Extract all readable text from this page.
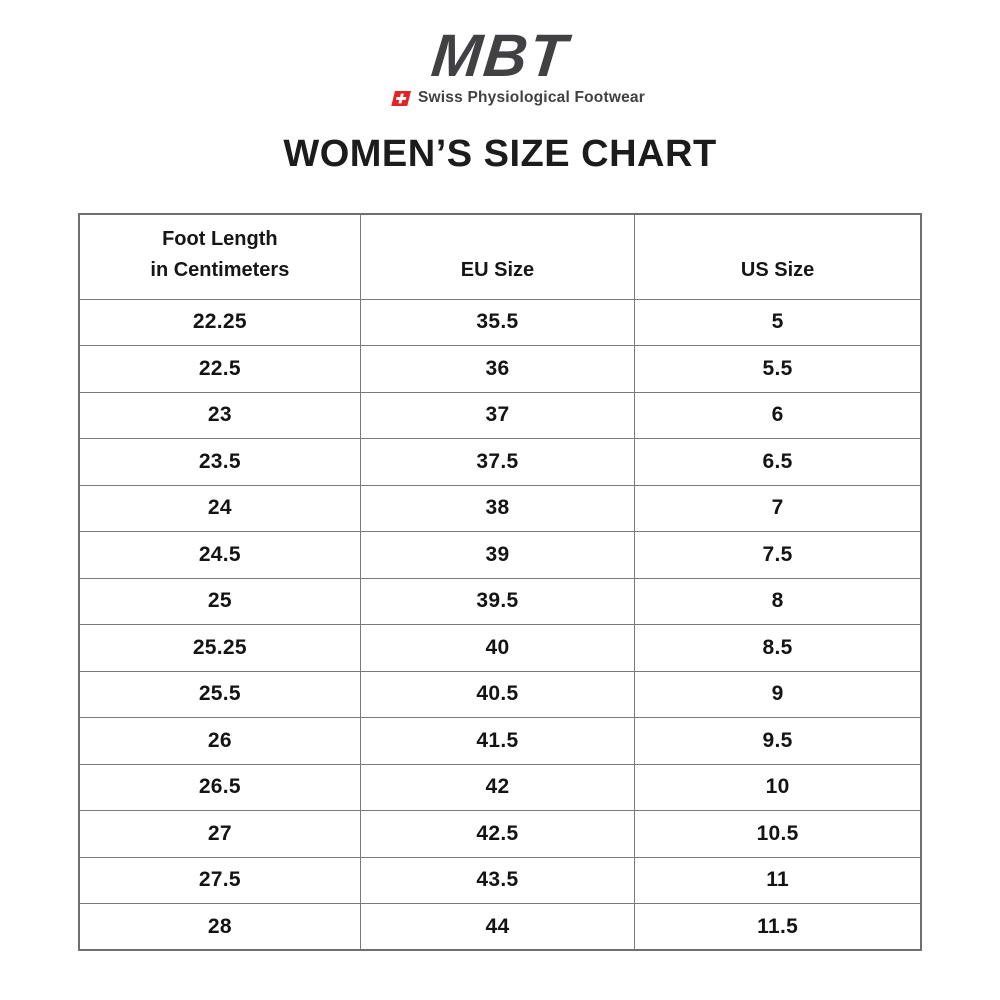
MBT
Swiss Physiological Footwear
WOMEN’S SIZE CHART
Foot Length
in Centimeters	EU Size	US Size

22.25	35.5	5
22.5	36	5.5
23	37	6
23.5	37.5	6.5
24	38	7
24.5	39	7.5
25	39.5	8
25.25	40	8.5
25.5	40.5	9
26	41.5	9.5
26.5	42	10
27	42.5	10.5
27.5	43.5	11
28	44	11.5
